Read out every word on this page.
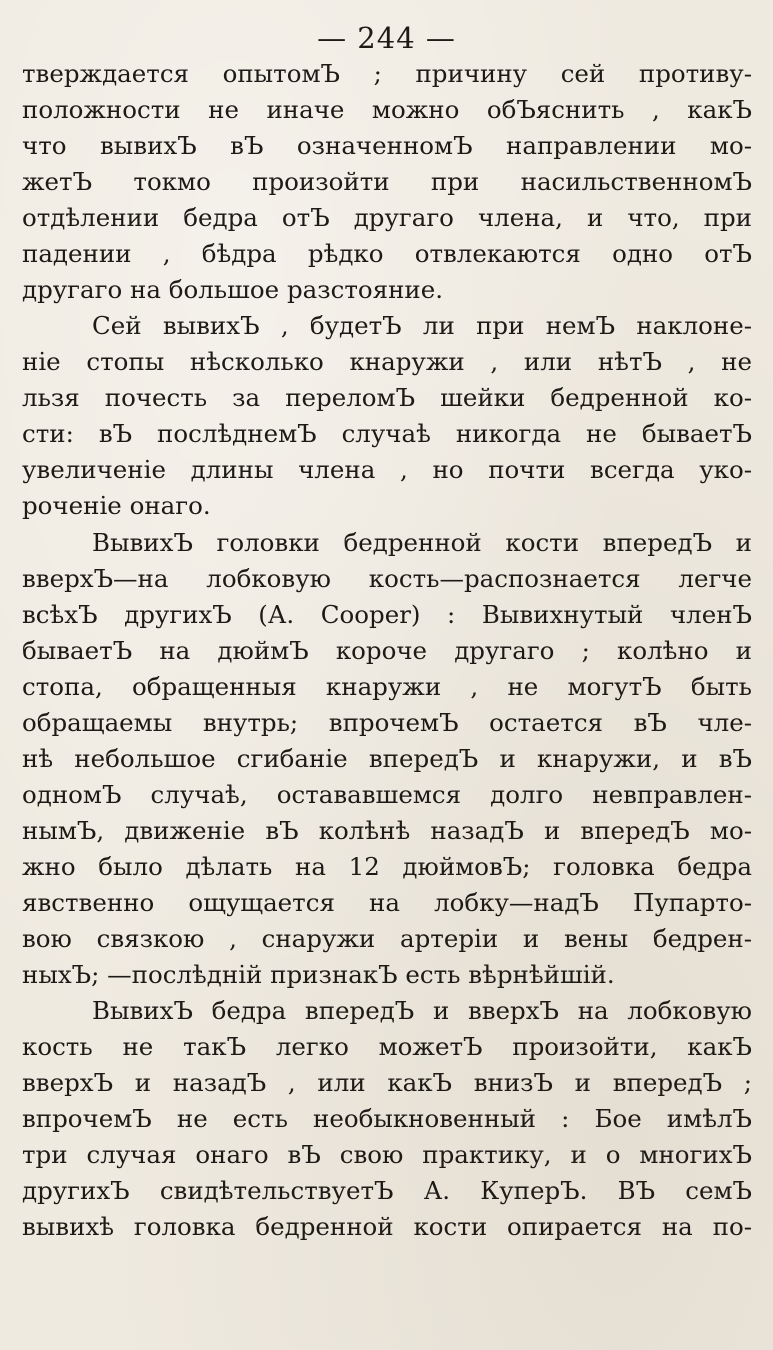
— 244 —
тверждается опытомЪ ; причину сей противу-
положности не иначе можно обЪяснить , какЪ
что вывихЪ вЪ означенномЪ направлении мо-
жетЪ токмо произойти при насильственномЪ
отдѣлении бедра отЪ другаго члена, и что, при
падении , бѣдра рѣдко отвлекаются одно отЪ
другаго на большое разстояние.
Сей вывихЪ , будетЪ ли при немЪ наклоне-
нiе стопы нѣсколько кнаружи , или нѣтЪ , не
льзя почесть за переломЪ шейки бедренной ко-
сти: вЪ послѣднемЪ случаѣ никогда не бываетЪ
увеличенiе длины члена , но почти всегда уко-
роченiе онаго.
ВывихЪ головки бедренной кости впередЪ и
вверхЪ—на лобковую кость—распознается легче
всѣхЪ другихЪ (А. Cooper) : Вывихнутый членЪ
бываетЪ на дюймЪ короче другаго ; колѣно и
стопа, обращенныя кнаружи , не могутЪ быть
обращаемы внутрь; впрочемЪ остается вЪ чле-
нѣ небольшое сгибанiе впередЪ и кнаружи, и вЪ
одномЪ случаѣ, остававшемся долго невправлен-
нымЪ, движенiе вЪ колѣнѣ назадЪ и впередЪ мо-
жно было дѣлать на 12 дюймовЪ; головка бедра
явственно ощущается на лобку—надЪ Пупарто-
вою связкою , снаружи артерiи и вены бедрен-
ныхЪ; —послѣднiй признакЪ есть вѣрнѣйшiй.
ВывихЪ бедра впередЪ и вверхЪ на лобковую
кость не такЪ легко можетЪ произойти, какЪ
вверхЪ и назадЪ , или какЪ внизЪ и впередЪ ;
впрочемЪ не есть необыкновенный : Бое имѣлЪ
три случая онаго вЪ свою практику, и о многихЪ
другихЪ свидѣтельствуетЪ А. КуперЪ. ВЪ семЪ
вывихѣ головка бедренной кости опирается на по-
